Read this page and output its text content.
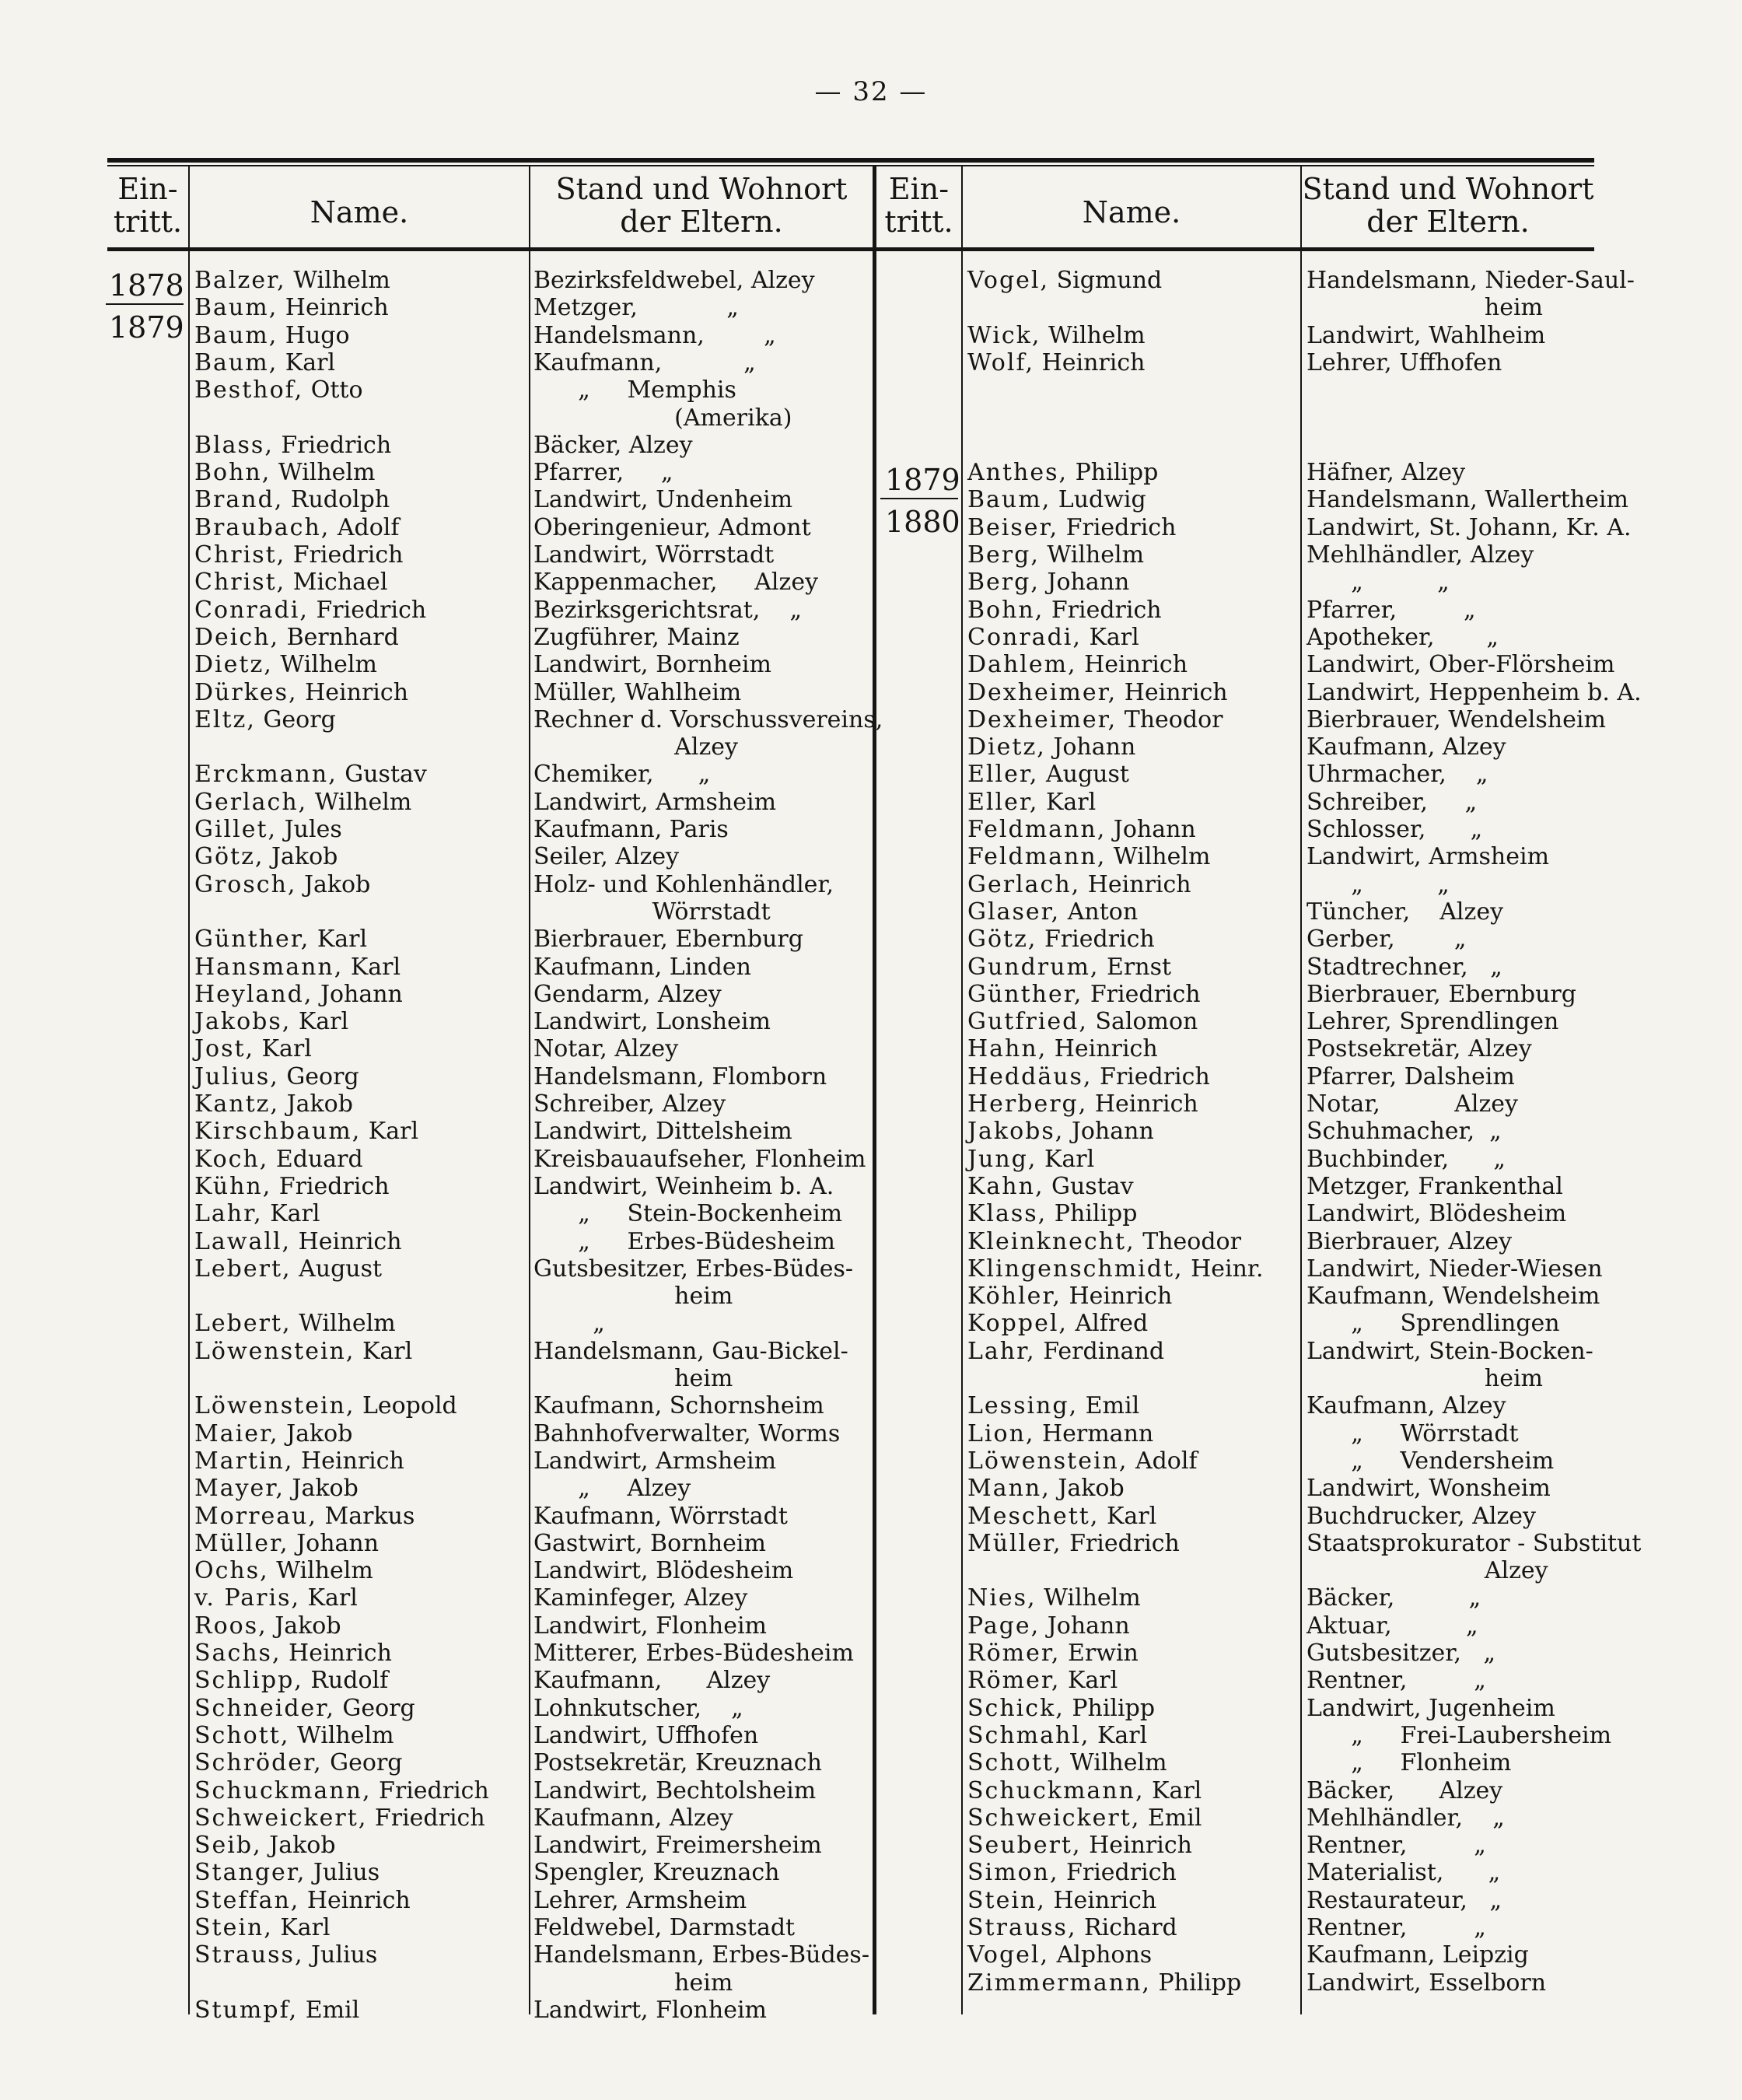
— 32 —
Ein-
tritt.	Name.
Stand und Wohnort
der Eltern.
Ein-
tritt.	Name.
Stand und Wohnort
der Eltern.
1878
1879
1879
1880
Balzer, Wilhelm	Bezirksfeldwebel, Alzey
Baum, Heinrich	Metzger,            „
Baum, Hugo	Handelsmann,        „
Baum, Karl	Kaufmann,           „
Besthof, Otto	„     Memphis
(Amerika)
Blass, Friedrich	Bäcker, Alzey
Bohn, Wilhelm	Pfarrer,     „
Brand, Rudolph	Landwirt, Undenheim
Braubach, Adolf	Oberingenieur, Admont
Christ, Friedrich	Landwirt, Wörrstadt
Christ, Michael	Kappenmacher,     Alzey
Conradi, Friedrich	Bezirksgerichtsrat,    „
Deich, Bernhard	Zugführer, Mainz
Dietz, Wilhelm	Landwirt, Bornheim
Dürkes, Heinrich	Müller, Wahlheim
Eltz, Georg	Rechner d. Vorschussvereins,
Alzey
Erckmann, Gustav	Chemiker,      „
Gerlach, Wilhelm	Landwirt, Armsheim
Gillet, Jules	Kaufmann, Paris
Götz, Jakob	Seiler, Alzey
Grosch, Jakob	Holz- und Kohlenhändler,
Wörrstadt
Günther, Karl	Bierbrauer, Ebernburg
Hansmann, Karl	Kaufmann, Linden
Heyland, Johann	Gendarm, Alzey
Jakobs, Karl	Landwirt, Lonsheim
Jost, Karl	Notar, Alzey
Julius, Georg	Handelsmann, Flomborn
Kantz, Jakob	Schreiber, Alzey
Kirschbaum, Karl	Landwirt, Dittelsheim
Koch, Eduard	Kreisbauaufseher, Flonheim
Kühn, Friedrich	Landwirt, Weinheim b. A.
Lahr, Karl	„     Stein-Bockenheim
Lawall, Heinrich	„     Erbes-Büdesheim
Lebert, August	Gutsbesitzer, Erbes-Büdes-
heim
Lebert, Wilhelm	„
Löwenstein, Karl	Handelsmann, Gau-Bickel-
heim
Löwenstein, Leopold	Kaufmann, Schornsheim
Maier, Jakob	Bahnhofverwalter, Worms
Martin, Heinrich	Landwirt, Armsheim
Mayer, Jakob	„     Alzey
Morreau, Markus	Kaufmann, Wörrstadt
Müller, Johann	Gastwirt, Bornheim
Ochs, Wilhelm	Landwirt, Blödesheim
v. Paris, Karl	Kaminfeger, Alzey
Roos, Jakob	Landwirt, Flonheim
Sachs, Heinrich	Mitterer, Erbes-Büdesheim
Schlipp, Rudolf	Kaufmann,      Alzey
Schneider, Georg	Lohnkutscher,    „
Schott, Wilhelm	Landwirt, Uffhofen
Schröder, Georg	Postsekretär, Kreuznach
Schuckmann, Friedrich Landwirt, Bechtolsheim
Schweickert, Friedrich Kaufmann, Alzey
Seib, Jakob	Landwirt, Freimersheim
Stanger, Julius	Spengler, Kreuznach
Steffan, Heinrich	Lehrer, Armsheim
Stein, Karl	Feldwebel, Darmstadt
Strauss, Julius	Handelsmann, Erbes-Büdes-
heim
Stumpf, Emil	Landwirt, Flonheim
Vogel, Sigmund	Handelsmann, Nieder-Saul-
heim
Wick, Wilhelm	Landwirt, Wahlheim
Wolf, Heinrich	Lehrer, Uffhofen
Anthes, Philipp	Häfner, Alzey
Baum, Ludwig	Handelsmann, Wallertheim
Beiser, Friedrich	Landwirt, St. Johann, Kr. A.
Berg, Wilhelm	Mehlhändler, Alzey
Berg, Johann	„          „
Bohn, Friedrich	Pfarrer,         „
Conradi, Karl	Apotheker,       „
Dahlem, Heinrich	Landwirt, Ober-Flörsheim
Dexheimer, Heinrich	Landwirt, Heppenheim b. A.
Dexheimer, Theodor	Bierbrauer, Wendelsheim
Dietz, Johann	Kaufmann, Alzey
Eller, August	Uhrmacher,    „
Eller, Karl	Schreiber,     „
Feldmann, Johann	Schlosser,      „
Feldmann, Wilhelm	Landwirt, Armsheim
Gerlach, Heinrich	„          „
Glaser, Anton	Tüncher,    Alzey
Götz, Friedrich	Gerber,        „
Gundrum, Ernst	Stadtrechner,   „
Günther, Friedrich	Bierbrauer, Ebernburg
Gutfried, Salomon	Lehrer, Sprendlingen
Hahn, Heinrich	Postsekretär, Alzey
Heddäus, Friedrich	Pfarrer, Dalsheim
Herberg, Heinrich	Notar,          Alzey
Jakobs, Johann	Schuhmacher,  „
Jung, Karl	Buchbinder,      „
Kahn, Gustav	Metzger, Frankenthal
Klass, Philipp	Landwirt, Blödesheim
Kleinknecht, Theodor	Bierbrauer, Alzey
Klingenschmidt, Heinr. Landwirt, Nieder-Wiesen
Köhler, Heinrich	Kaufmann, Wendelsheim
Koppel, Alfred	„     Sprendlingen
Lahr, Ferdinand	Landwirt, Stein-Bocken-
heim
Lessing, Emil	Kaufmann, Alzey
Lion, Hermann	„     Wörrstadt
Löwenstein, Adolf	„     Vendersheim
Mann, Jakob	Landwirt, Wonsheim
Meschett, Karl	Buchdrucker, Alzey
Müller, Friedrich	Staatsprokurator - Substitut
Alzey
Nies, Wilhelm	Bäcker,          „
Page, Johann	Aktuar,          „
Römer, Erwin	Gutsbesitzer,   „
Römer, Karl	Rentner,         „
Schick, Philipp	Landwirt, Jugenheim
Schmahl, Karl	„     Frei-Laubersheim
Schott, Wilhelm	„     Flonheim
Schuckmann, Karl	Bäcker,      Alzey
Schweickert, Emil	Mehlhändler,    „
Seubert, Heinrich	Rentner,         „
Simon, Friedrich	Materialist,      „
Stein, Heinrich	Restaurateur,   „
Strauss, Richard	Rentner,         „
Vogel, Alphons	Kaufmann, Leipzig
Zimmermann, Philipp	Landwirt, Esselborn
